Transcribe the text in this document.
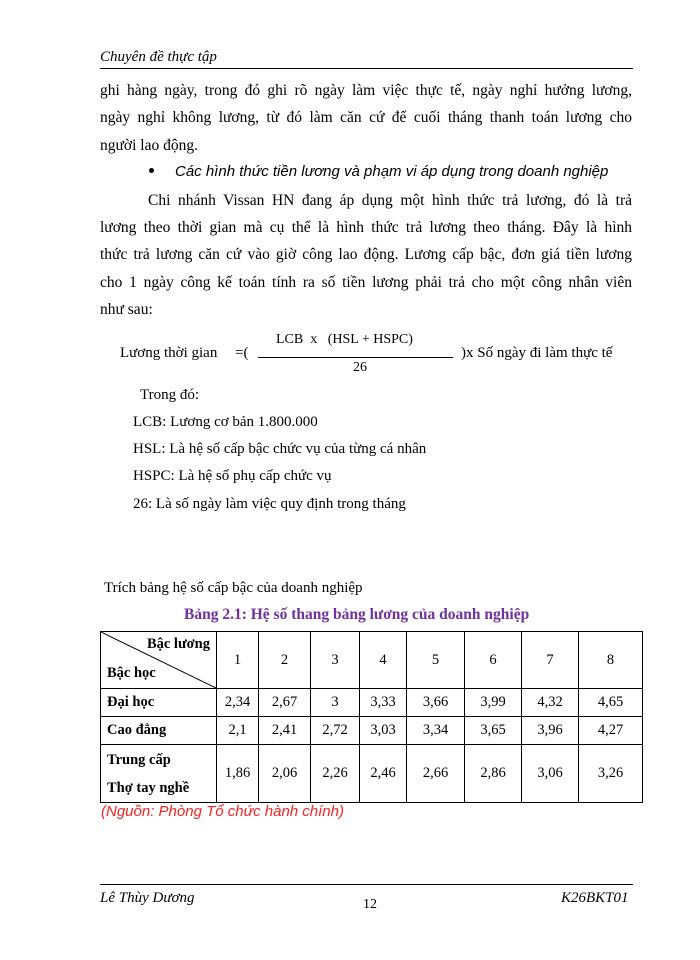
Chuyên đề thực tập
ghi hàng ngày, trong đó ghi rõ ngày làm việc thực tế, ngày nghỉ hưởng lương,
ngày nghỉ không lương, từ đó làm căn cứ để cuối tháng thanh toán lương cho
người lao động.
Các hình thức tiền lương và phạm vi áp dụng trong doanh nghiệp
Chi nhánh Vissan HN đang áp dụng một hình thức trả lương, đó là trả
lương theo thời gian mà cụ thể là hình thức trả lương theo tháng. Đây là hình
thức trả lương căn cứ vào giờ công lao động. Lương cấp bậc, đơn giá tiền lương
cho 1 ngày công kế toán tính ra số tiền lương phải trả cho một công nhân viên
như sau:
Lương thời gian =(
LCB  x   (HSL + HSPC)
26
)x Số ngày đi làm thực tế
Trong đó:
LCB: Lương cơ bản 1.800.000
HSL: Là hệ số cấp bậc chức vụ của từng cá nhân
HSPC: Là hệ số phụ cấp chức vụ
26: Là số ngày làm việc quy định trong tháng
Trích bảng hệ số cấp bậc của doanh nghiệp
Bảng 2.1: Hệ số thang bảng lương của doanh nghiệp
Bậc lương
Bậc học	1	2	3	4	5	6	7	8
Đại học	2,34	2,67	3	3,33	3,66	3,99	4,32	4,65
Cao đẳng	2,1	2,41	2,72	3,03	3,34	3,65	3,96	4,27

Trung cấp
Thợ tay nghề	1,86	2,06	2,26	2,46	2,66	2,86	3,06	3,26
(Nguồn: Phòng Tổ chức hành chính)
Lê Thùy Dương	12	K26BKT01
